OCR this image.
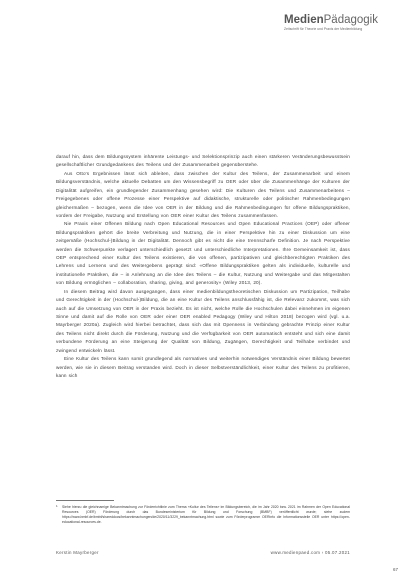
MedienPädagogik
Zeitschrift für Theorie und Praxis der Medienbildung

darauf hin, dass dem Bildungssystem inhärente Leistungs- und Selektionsprinzip auch einen stärkeren Veränderungsbewusstsein gesellschaftlicher Grundgedankens des Teilens und der Zusammenarbeit gegenüberstehe.

Aus Otto's Ergebnissen lässt sich ableiten, dass zwischen der Kultur des Teilens, der Zusammenarbeit und einem Bildungsverständnis, welche aktuelle Debatten um den Wissensbegriff zu OER oder über die Zusammenhänge der Kulturen der Digitalität aufgreifen, ein grundlegender Zusammenhang gesehen wird: Die Kulturen des Teilens und Zusammenarbeitens – Freigegebenes oder offene Prozesse einer Perspektive auf didaktische, strukturelle oder politischer Rahmenbedingungen gleichermaßen – bezogen, wenn die Idee von OER in der Bildung und die Rahmenbedingungen für offene Bildungspraktiken, vordem der Freigabe, Nutzung und Erstellung von OER einer Kultur des Teilens zusammenfassen.

Nie Praxis einer Offenen Bildung nach Open Educational Resources und Open Educational Practices (OEP) oder offener Bildungspraktiken gehört die breite Verbreitung und Nutzung, die in einer Perspektive hin zu einer Diskussion um eine zeitgemäße (Hochschul-)Bildung in der Digitalität. Dennoch gibt es nicht die eine trennscharfe Definition. Je nach Perspektive werden die Schwerpunkte verlagert unterschiedlich gesetzt und unterschiedliche Interpretationen. Ihre Gemeinsamkeit ist, dass OEP entsprechend einer Kultur des Teilens existieren, die von offenen, partizipativen und gleichberechtigten Praktiken des Lehrens und Lernens und des Weitergebens geprägt sind: «Offene Bildungspraktiken gelten als individuelle, kulturelle und institutionelle Praktiken, die – in Anlehnung an die Idee des Teilens – die Kultur, Nutzung und Weitergabe und das Mitgestalten von Bildung ermöglichen – collaboration, sharing, giving, and generosity» (Wiley 2013, 20).

In diesem Beitrag wird davon ausgegangen, dass einer medienbildungstheoretischen Diskussion um Partizipation, Teilhabe und Gerechtigkeit in der (Hochschul-)Bildung, die an eine Kultur des Teilens anschlussfähig ist, die Relevanz zukommt, was sich auch auf die Umsetzung von OER in der Praxis bezieht. Es ist nicht, welche Rolle die Hochschulen dabei einnehmen im eigenen Sinne und damit auf die Rolle von OER oder einer OER enabled Pedagogy (Wiley und Hilton 2018) bezogen wird (vgl. u.a. Mayrberger 2020a). Zugleich wird hierbei betrachtet, dass sich das mit Openness in Verbindung gebrachte Prinzip einer Kultur des Teilens nicht direkt durch die Förderung, Nutzung und die Verfügbarkeit von OER automatisch entsteht und sich eine damit verbundene Förderung an eine Steigerung der Qualität von Bildung, Zugängen, Gerechtigkeit und Teilhabe verbindet und zwingend entwickeln lässt.

Eine Kultur des Teilens kann somit grundlegend als normatives und weiterhin notwendiges Verständnis einer Bildung bewertet werden, wie sie in diesem Beitrag verstanden wird. Doch in dieser Selbstverständlichkeit, einer Kultur des Teilens zu profitieren, kann sich

1 Siehe hierzu die gleichnamige Bekanntmachung zur Förderrichtlinie zum Thema «Kultur des Teilens» im Bildungsbereich, die im Jahr 2020 bzw. 2021 im Rahmen der Open Educational Resources (OER) Förderung durch das Bundesministerium für Bildung und Forschung (BMBF) veröffentlicht wurde; siehe zudem https://www.bmbf.de/bmbf/shareddocs/bekanntmachungen/de/2020/11/3229_bekanntmachung.html sowie zum Förderprogramm OERinfo die Informationsstelle OER unter https://open-educational-resources.de.

Kerstin Mayrberger	www.medienpaed.com › 05.07.2021
67
